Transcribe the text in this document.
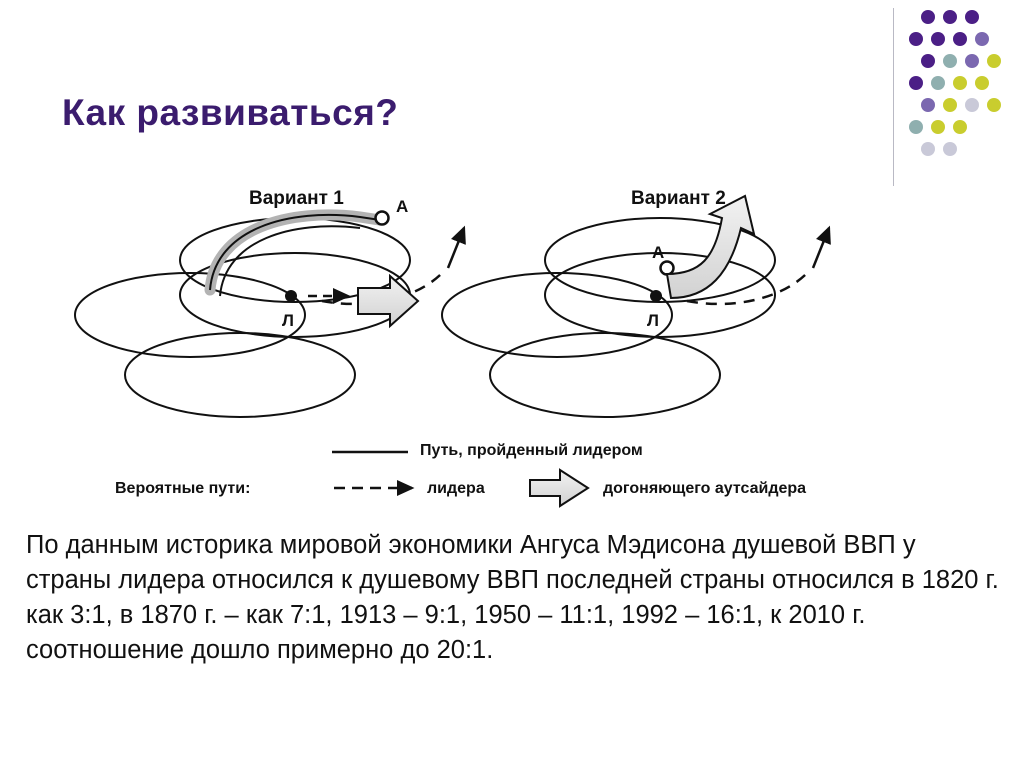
Как развиваться?
Вариант 1	Вариант 2
А
Л
А
Л
Путь, пройденный лидером
Вероятные пути:	лидера	догоняющего аутсайдера
По данным историка мировой экономики Ангуса Мэдисона душевой ВВП у страны лидера относился к душевому ВВП последней страны относился в 1820 г. как 3:1, в 1870 г. – как 7:1, 1913 – 9:1, 1950 – 11:1, 1992 – 16:1, к 2010 г. соотношение дошло примерно до 20:1.
